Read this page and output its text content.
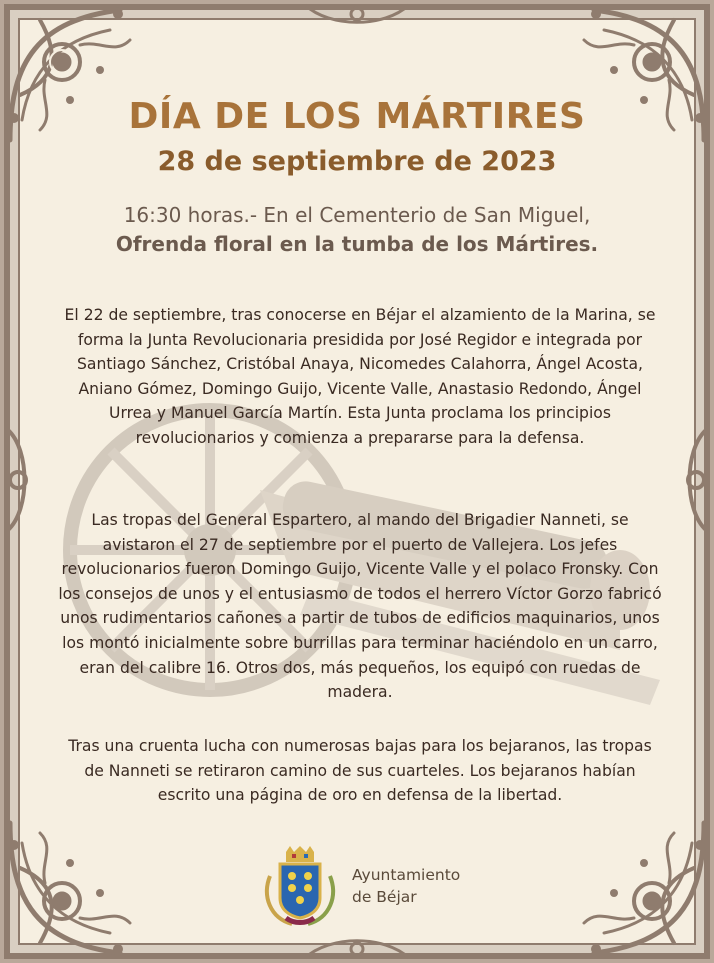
DÍA DE LOS MÁRTIRES
28 de septiembre de 2023
16:30 horas.- En el Cementerio de San Miguel,
Ofrenda floral en la tumba de los Mártires.
El 22 de septiembre, tras conocerse en Béjar el alzamiento de la Marina, se forma la Junta Revolucionaria presidida por José Regidor e integrada por Santiago Sánchez, Cristóbal Anaya, Nicomedes Calahorra, Ángel Acosta, Aniano Gómez, Domingo Guijo, Vicente Valle, Anastasio Redondo, Ángel Urrea y Manuel García Martín. Esta Junta proclama los principios revolucionarios y comienza a prepararse para la defensa.
Las tropas del General Espartero, al mando del Brigadier Nanneti, se avistaron el 27 de septiembre por el puerto de Vallejera. Los jefes revolucionarios fueron Domingo Guijo, Vicente Valle y el polaco Fronsky. Con los consejos de unos y el entusiasmo de todos el herrero Víctor Gorzo fabricó unos rudimentarios cañones a partir de tubos de edificios maquinarios, unos los montó inicialmente sobre burrillas para terminar haciéndolo en un carro, eran del calibre 16. Otros dos, más pequeños, los equipó con ruedas de madera.
Tras una cruenta lucha con numerosas bajas para los bejaranos, las tropas de Nanneti se retiraron camino de sus cuarteles. Los bejaranos habían escrito una página de oro en defensa de la libertad.
Ayuntamiento
de Béjar
